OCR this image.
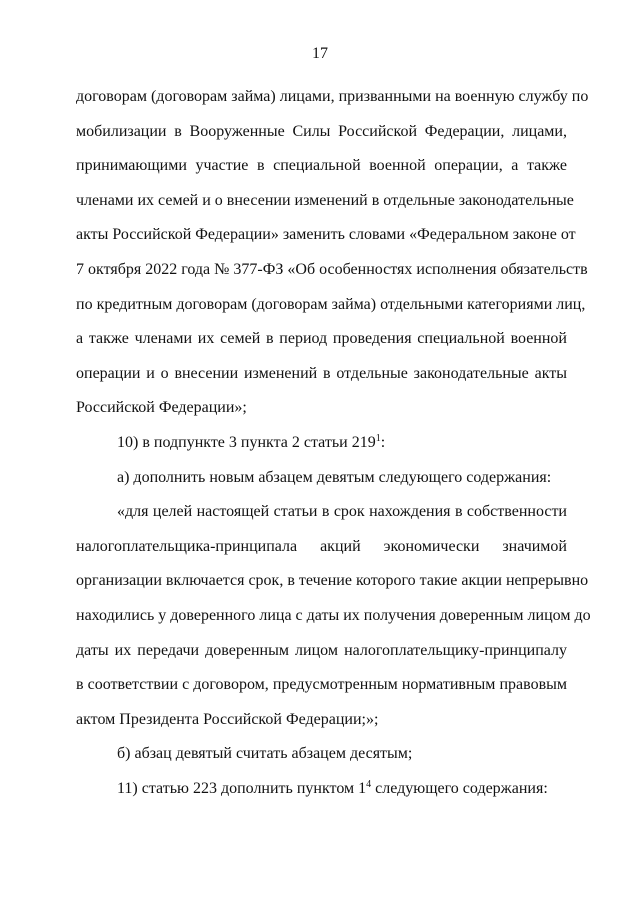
17
договорам (договорам займа) лицами, призванными на военную службу по
мобилизации в Вооруженные Силы Российской Федерации, лицами,
принимающими участие в специальной военной операции, а также
членами их семей и о внесении изменений в отдельные законодательные
акты Российской Федерации» заменить словами «Федеральном законе от
7 октября 2022 года № 377-ФЗ «Об особенностях исполнения обязательств
по кредитным договорам (договорам займа) отдельными категориями лиц,
а также членами их семей в период проведения специальной военной
операции и о внесении изменений в отдельные законодательные акты
Российской Федерации»;
10) в подпункте 3 пункта 2 статьи $219^1$:
а) дополнить новым абзацем девятым следующего содержания:
«для целей настоящей статьи в срок нахождения в собственности
налогоплательщика-принципала акций экономически значимой
организации включается срок, в течение которого такие акции непрерывно
находились у доверенного лица с даты их получения доверенным лицом до
даты их передачи доверенным лицом налогоплательщику-принципалу
в соответствии с договором, предусмотренным нормативным правовым
актом Президента Российской Федерации;»;
б) абзац девятый считать абзацем десятым;
11) статью 223 дополнить пунктом $1^4$ следующего содержания:
